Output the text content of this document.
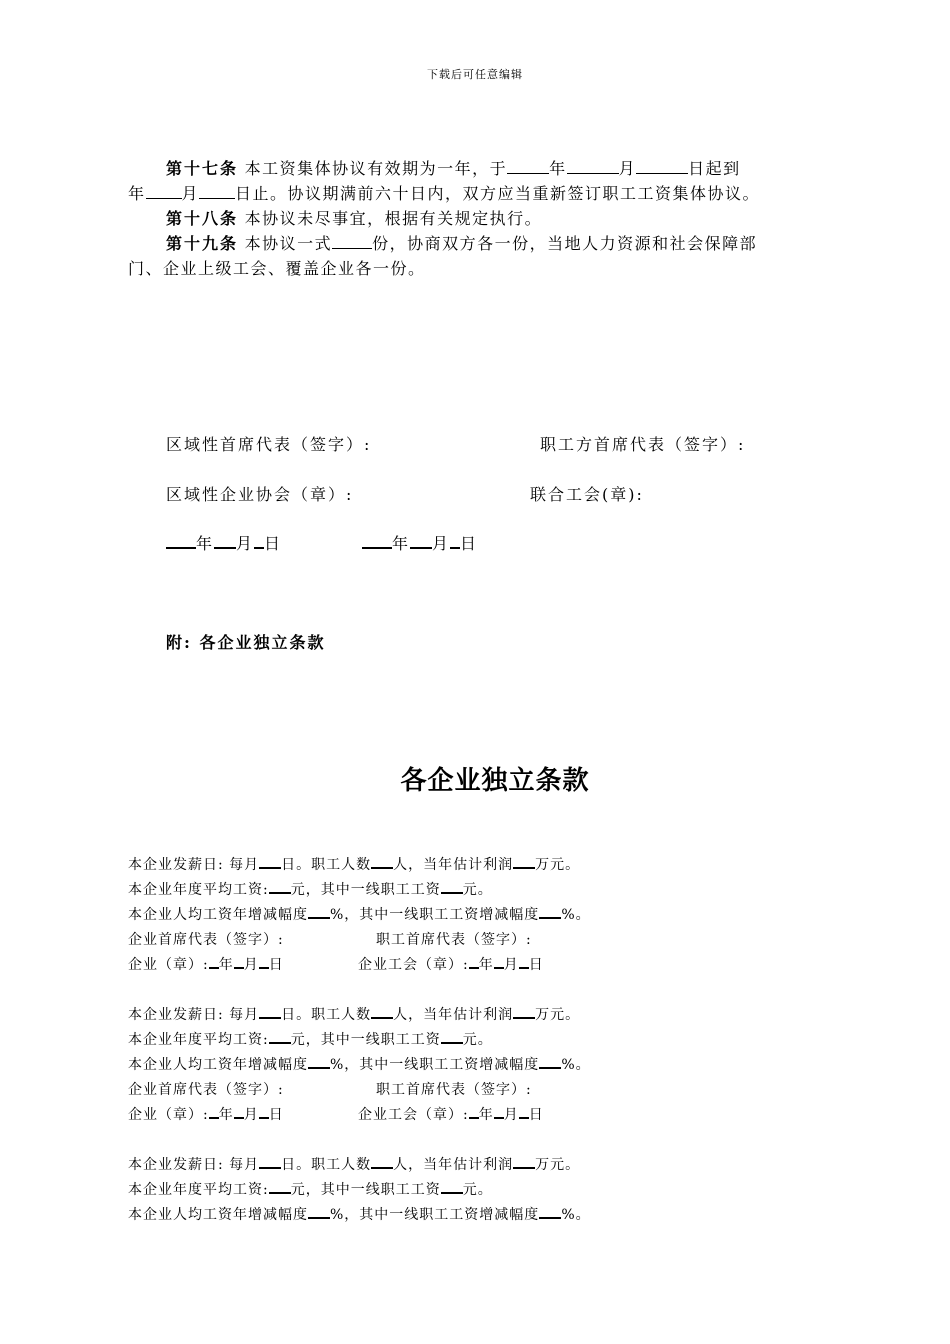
下载后可任意编辑
第十七条 本工资集体协议有效期为一年，于	年	月	日起到
年 月 日止。协议期满前六十日内，双方应当重新签订职工工资集体协议。
第十八条 本协议未尽事宜，根据有关规定执行。
第十九条 本协议一式	份，协商双方各一份，当地人力资源和社会保障部
门、企业上级工会、覆盖企业各一份。
区域性首席代表（签字）:	职工方首席代表（签字）:
区域性企业协会（章）:	联合工会(章):
年 月 日	年 月 日
附: 各企业独立条款
各企业独立条款
本企业发薪日: 每月 日。职工人数 人，当年估计利润 万元。
本企业年度平均工资: 元，其中一线职工工资 元。
本企业人均工资年增减幅度 %，其中一线职工工资增减幅度 %。
企业首席代表（签字）:	职工首席代表（签字）:
企业（章）: 年 月 日	企业工会（章）: 年 月 日
本企业发薪日: 每月 日。职工人数 人，当年估计利润 万元。
本企业年度平均工资: 元，其中一线职工工资 元。
本企业人均工资年增减幅度 %，其中一线职工工资增减幅度 %。
企业首席代表（签字）:	职工首席代表（签字）:
企业（章）: 年 月 日	企业工会（章）: 年 月 日
本企业发薪日: 每月 日。职工人数 人，当年估计利润 万元。
本企业年度平均工资: 元，其中一线职工工资 元。
本企业人均工资年增减幅度 %，其中一线职工工资增减幅度 %。
